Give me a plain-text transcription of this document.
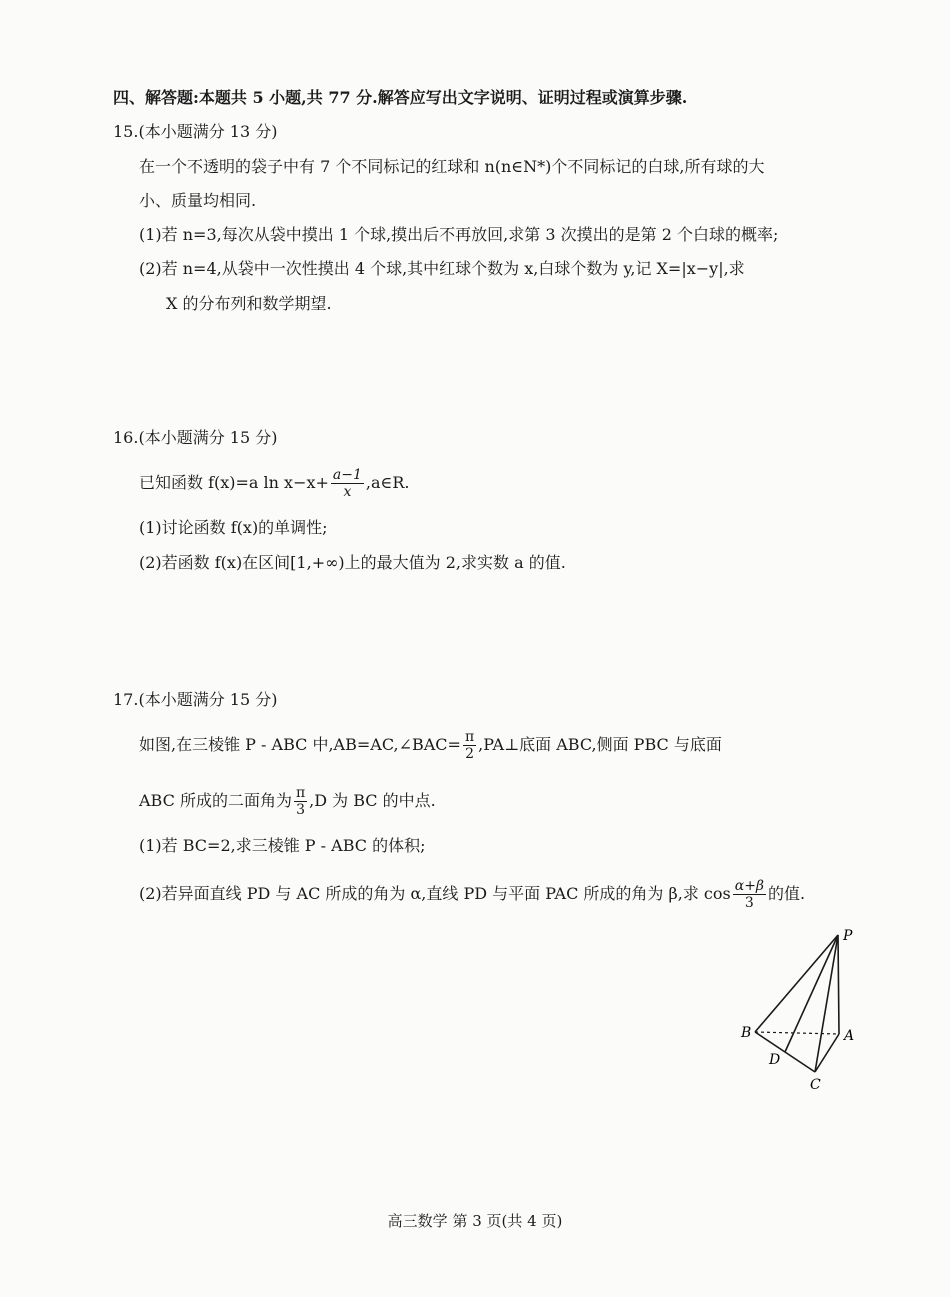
四、解答题:本题共 5 小题,共 77 分.解答应写出文字说明、证明过程或演算步骤.
15.(本小题满分 13 分)
在一个不透明的袋子中有 7 个不同标记的红球和 n(n∈N*)个不同标记的白球,所有球的大
小、质量均相同.
(1)若 n=3,每次从袋中摸出 1 个球,摸出后不再放回,求第 3 次摸出的是第 2 个白球的概率;
(2)若 n=4,从袋中一次性摸出 4 个球,其中红球个数为 x,白球个数为 y,记 X=|x−y|,求
X 的分布列和数学期望.
16.(本小题满分 15 分)
已知函数 f(x)=a $\ln x-x+ \frac{a-1}{x}$ ,a∈R.
(1)讨论函数 f(x)的单调性;
(2)若函数 f(x)在区间[1,+∞)上的最大值为 2,求实数 a 的值.
17.(本小题满分 15 分)
如图,在三棱锥 P - ABC 中,AB=AC,∠BAC= $\frac{\pi}{2}$ ,PA⊥底面 ABC,侧面 PBC 与底面
ABC 所成的二面角为 $\frac{\pi}{3} ,D$ 为 BC 的中点.
(1)若 BC=2,求三棱锥 P - ABC 的体积;
(2)若异面直线 PD 与 AC 所成的角为 α,直线 PD 与平面 PAC 所成的角为 β,求 $\cos \frac{\alpha+\beta}{3}$ 的值.
P
A
B
D
C
高三数学 第 3 页(共 4 页)
